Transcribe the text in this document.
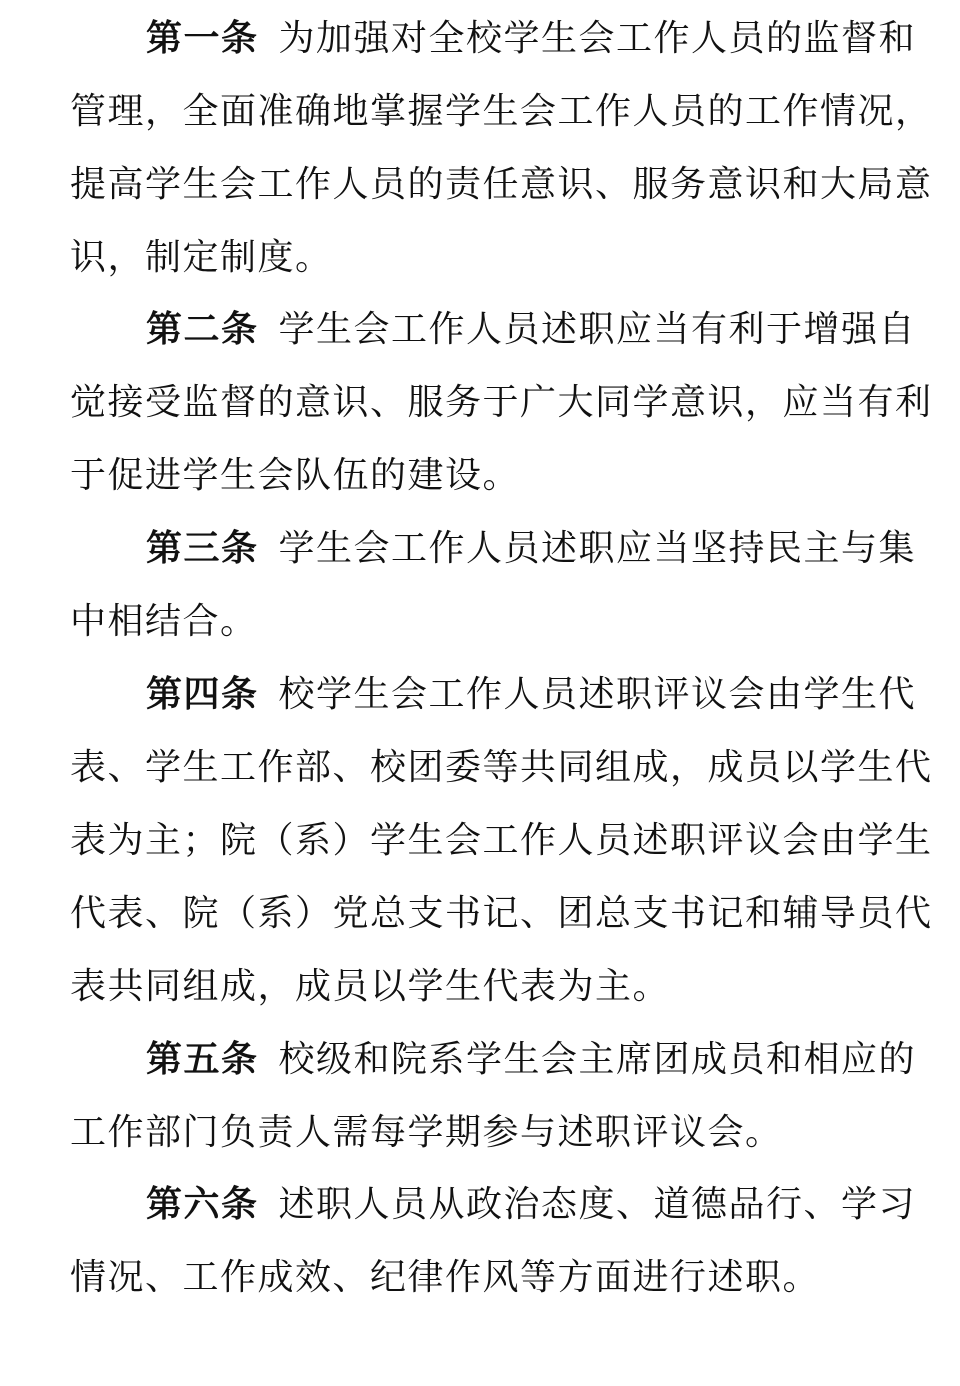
第一条 为加强对全校学生会工作人员的监督和
管理，全面准确地掌握学生会工作人员的工作情况，
提高学生会工作人员的责任意识、服务意识和大局意
识，制定制度。
第二条 学生会工作人员述职应当有利于增强自
觉接受监督的意识、服务于广大同学意识，应当有利
于促进学生会队伍的建设。
第三条 学生会工作人员述职应当坚持民主与集
中相结合。
第四条 校学生会工作人员述职评议会由学生代
表、学生工作部、校团委等共同组成，成员以学生代
表为主；院（系）学生会工作人员述职评议会由学生
代表、院（系）党总支书记、团总支书记和辅导员代
表共同组成，成员以学生代表为主。
第五条 校级和院系学生会主席团成员和相应的
工作部门负责人需每学期参与述职评议会。
第六条 述职人员从政治态度、道德品行、学习
情况、工作成效、纪律作风等方面进行述职。
